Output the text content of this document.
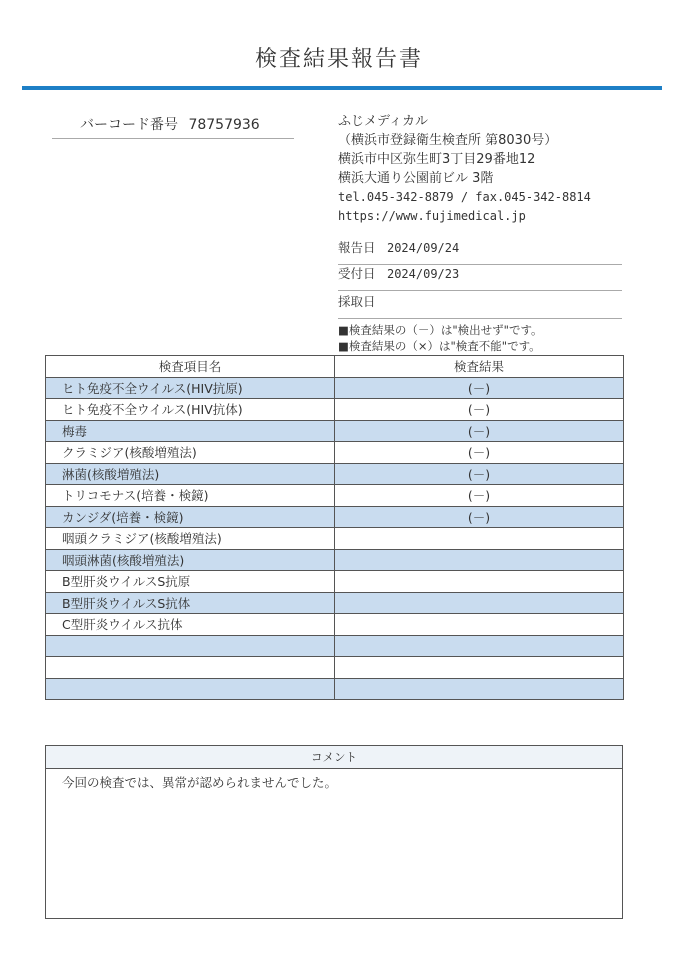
検査結果報告書
バーコード番号 78757936	ふじメディカル
（横浜市登録衛生検査所 第8030号）
横浜市中区弥生町3丁目29番地12
横浜大通り公園前ビル 3階
tel.045-342-8879 / fax.045-342-8814
https://www.fujimedical.jp
報告日 2024/09/24
受付日 2024/09/23
採取日
■検査結果の（－）は"検出せず"です。
■検査結果の（×）は"検査不能"です。
検査項目名	検査結果
ヒト免疫不全ウイルス(HIV抗原)	(－)
ヒト免疫不全ウイルス(HIV抗体)	(－)
梅毒	(－)
クラミジア(核酸増殖法)	(－)
淋菌(核酸増殖法)	(－)
トリコモナス(培養・検鏡)	(－)
カンジダ(培養・検鏡)	(－)
咽頭クラミジア(核酸増殖法)	
咽頭淋菌(核酸増殖法)	
B型肝炎ウイルスS抗原	
B型肝炎ウイルスS抗体	
C型肝炎ウイルス抗体	

コメント
今回の検査では、異常が認められませんでした。
